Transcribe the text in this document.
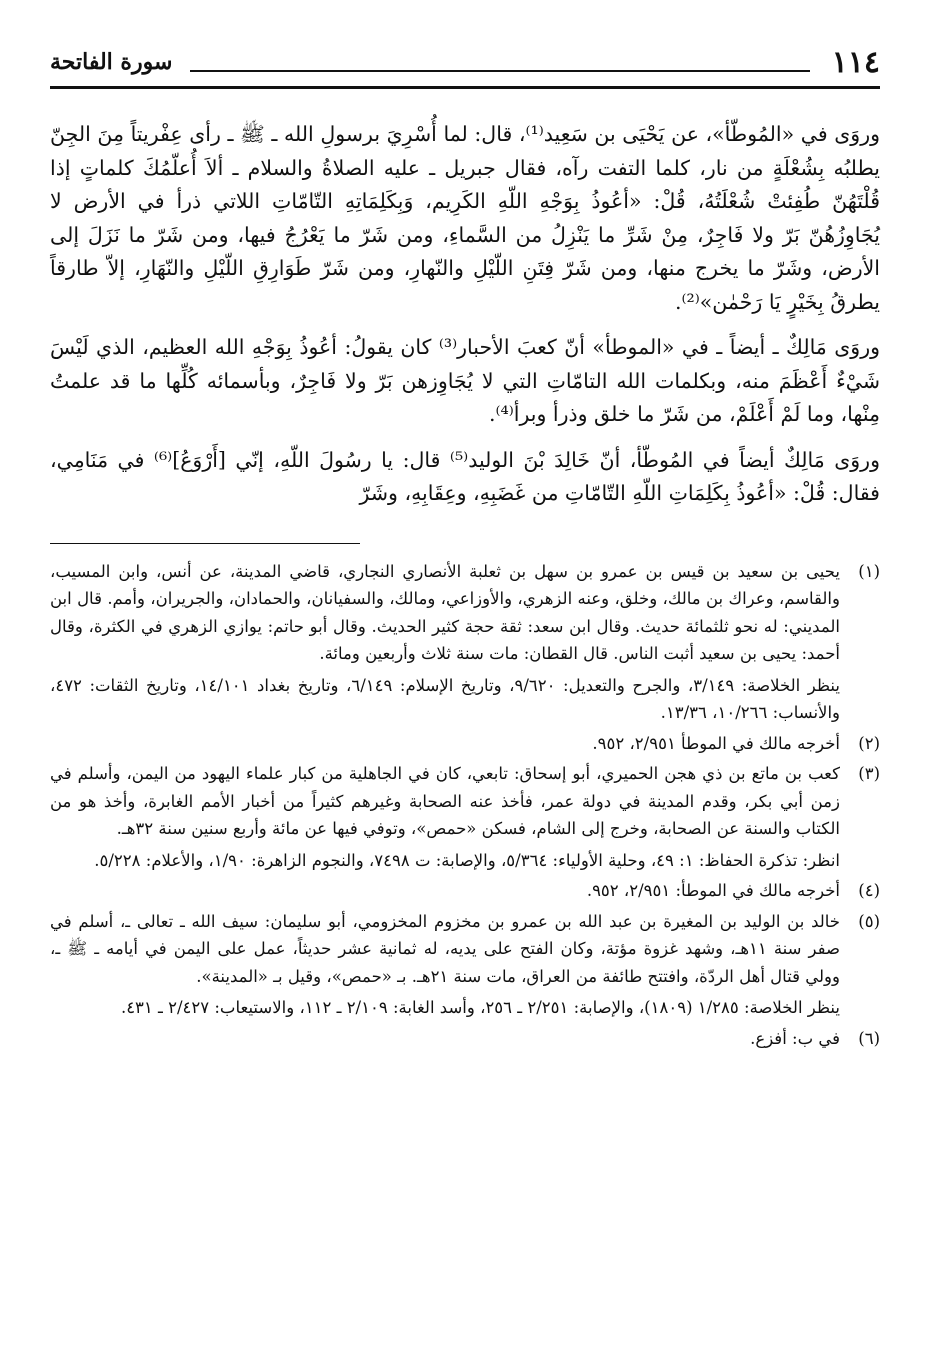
١١٤
سورة الفاتحة

وروَى في «المُوطّأ»، عن يَحْيَى بن سَعِيد⁽¹⁾، قال: لما أُسْرِيَ برسولِ الله ـ ﷺ ـ رأى عِفْريتاً مِنَ الجِنّ يطلبُه بِشُعْلَةٍ من نار، كلما التفت رآه، فقال جبريل ـ عليه الصلاةُ والسلام ـ ألاَ أُعلّمُكَ كلماتٍ إذا قُلْتَهُنّ طُفِئتْ شُعْلَتُهُ، قُلْ: «أعُوذُ بِوَجْهِ اللّهِ الكَرِيم، وَبِكَلِمَاتِهِ التّامّاتِ اللاتي ذرأ في الأرض لا يُجَاوِزُهُنّ بَرّ ولا فَاجِرٌ، مِنْ شَرِّ ما يَنْزِلُ من السَّماءِ، ومن شَرّ ما يَعْرُجُ فيها، ومن شَرّ ما نَزَلَ إلى الأرض، وشَرّ ما يخرج منها، ومن شَرّ فِتَنِ اللّيْلِ والنّهارِ، ومن شَرّ طَوَارِقِ اللّيْلِ والنّهَارِ، إلاّ طارقاً يطرقُ بِخَيْرٍ يَا رَحْمٰن»⁽²⁾.

وروَى مَالِكٌ ـ أيضاً ـ في «الموطأ» أنّ كعبَ الأحبار⁽³⁾ كان يقولُ: أعُوذُ بِوَجْهِ الله العظيم، الذي لَيْسَ شَيْءٌ أَعْظَمَ منه، وبكلمات الله التامّاتِ التي لا يُجَاوِزهن بَرّ ولا فَاجِرٌ، وبأسمائه كُلِّها ما قد علمتُ مِنْها، وما لَمْ أَعْلَمْ، من شَرّ ما خلق وذرأ وبرأ⁽⁴⁾.

وروَى مَالِكٌ أيضاً في المُوطّأ، أنّ خَالِدَ بْنَ الوليد⁽⁵⁾ قال: يا رسُولَ اللّهِ، إنّي [أَرْوَعُ]⁽⁶⁾ في مَنَامِي، فقال: قُلْ: «أعُوذُ بِكَلِمَاتِ اللّهِ التّامّاتِ من غَضَبِهِ، وعِقَابِهِ، وشَرّ

(١)
يحيى بن سعيد بن قيس بن عمرو بن سهل بن ثعلبة الأنصاري النجاري، قاضي المدينة، عن أنس، وابن المسيب، والقاسم، وعراك بن مالك، وخلق، وعنه الزهري، والأوزاعي، ومالك، والسفيانان، والحمادان، والجريران، وأمم. قال ابن المديني: له نحو ثلثمائة حديث. وقال ابن سعد: ثقة حجة كثير الحديث. وقال أبو حاتم: يوازي الزهري في الكثرة، وقال أحمد: يحيى بن سعيد أثبت الناس. قال القطان: مات سنة ثلاث وأربعين ومائة.
ينظر الخلاصة: ٣/١٤٩، والجرح والتعديل: ٩/٦٢٠، وتاريخ الإسلام: ٦/١٤٩، وتاريخ بغداد ١٤/١٠١، وتاريخ الثقات: ٤٧٢، والأنساب: ١٠/٢٦٦، ١٣/٣٦.
(٢)
أخرجه مالك في الموطأ ٢/٩٥١، ٩٥٢.
(٣)
كعب بن ماتع بن ذي هجن الحميري، أبو إسحاق: تابعي، كان في الجاهلية من كبار علماء اليهود من اليمن، وأسلم في زمن أبي بكر، وقدم المدينة في دولة عمر، فأخذ عنه الصحابة وغيرهم كثيراً من أخبار الأمم الغابرة، وأخذ هو من الكتاب والسنة عن الصحابة، وخرج إلى الشام، فسكن «حمص»، وتوفي فيها عن مائة وأربع سنين سنة ٣٢هـ.
انظر: تذكرة الحفاظ: ١: ٤٩، وحلية الأولياء: ٥/٣٦٤، والإصابة: ت ٧٤٩٨، والنجوم الزاهرة: ١/٩٠، والأعلام: ٥/٢٢٨.
(٤)
أخرجه مالك في الموطأ: ٢/٩٥١، ٩٥٢.
(٥)
خالد بن الوليد بن المغيرة بن عبد الله بن عمرو بن مخزوم المخزومي، أبو سليمان: سيف الله ـ تعالى ـ، أسلم في صفر سنة ١١هـ، وشهد غزوة مؤتة، وكان الفتح على يديه، له ثمانية عشر حديثاً، عمل على اليمن في أيامه ـ ﷺ ـ، وولي قتال أهل الردّة، وافتتح طائفة من العراق، مات سنة ٢١هـ. بـ «حمص»، وقيل بـ «المدينة».
ينظر الخلاصة: ١/٢٨٥ (١٨٠٩)، والإصابة: ٢/٢٥١ ـ ٢٥٦، وأسد الغابة: ٢/١٠٩ ـ ١١٢، والاستيعاب: ٢/٤٢٧ ـ ٤٣١.
(٦)
في ب: أفزع.
